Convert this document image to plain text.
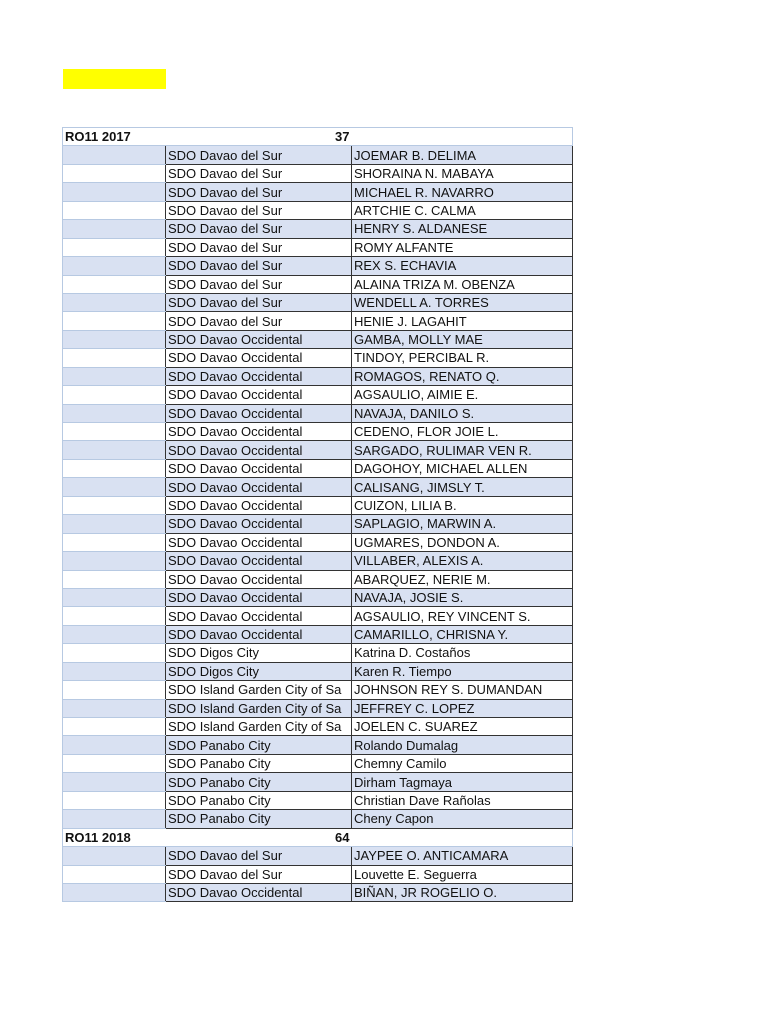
RO11 2017	37	
	SDO Davao del Sur	JOEMAR B. DELIMA
	SDO Davao del Sur	SHORAINA N. MABAYA
	SDO Davao del Sur	MICHAEL R. NAVARRO
	SDO Davao del Sur	ARTCHIE C. CALMA
	SDO Davao del Sur	HENRY S. ALDANESE
	SDO Davao del Sur	ROMY ALFANTE
	SDO Davao del Sur	REX S. ECHAVIA
	SDO Davao del Sur	ALAINA TRIZA M. OBENZA
	SDO Davao del Sur	WENDELL A. TORRES
	SDO Davao del Sur	HENIE J. LAGAHIT
	SDO Davao Occidental	GAMBA, MOLLY MAE
	SDO Davao Occidental	TINDOY, PERCIBAL R.
	SDO Davao Occidental	ROMAGOS, RENATO Q.
	SDO Davao Occidental	AGSAULIO, AIMIE E.
	SDO Davao Occidental	NAVAJA, DANILO S.
	SDO Davao Occidental	CEDENO, FLOR JOIE L.
	SDO Davao Occidental	SARGADO, RULIMAR VEN R.
	SDO Davao Occidental	DAGOHOY, MICHAEL ALLEN
	SDO Davao Occidental	CALISANG, JIMSLY T.
	SDO Davao Occidental	CUIZON, LILIA B.
	SDO Davao Occidental	SAPLAGIO, MARWIN A.
	SDO Davao Occidental	UGMARES, DONDON A.
	SDO Davao Occidental	VILLABER, ALEXIS A.
	SDO Davao Occidental	ABARQUEZ, NERIE M.
	SDO Davao Occidental	NAVAJA, JOSIE S.
	SDO Davao Occidental	AGSAULIO, REY VINCENT S.
	SDO Davao Occidental	CAMARILLO, CHRISNA Y.
	SDO Digos City	Katrina D. Costaños
	SDO Digos City	Karen R. Tiempo
	SDO Island Garden City of Sa	JOHNSON REY S. DUMANDAN
	SDO Island Garden City of Sa	JEFFREY C. LOPEZ
	SDO Island Garden City of Sa	JOELEN C. SUAREZ
	SDO Panabo City	Rolando Dumalag
	SDO Panabo City	Chemny Camilo
	SDO Panabo City	Dirham Tagmaya
	SDO Panabo City	Christian Dave Rañolas
	SDO Panabo City	Cheny Capon
RO11 2018	64	
	SDO Davao del Sur	JAYPEE O. ANTICAMARA
	SDO Davao del Sur	Louvette E. Seguerra
	SDO Davao Occidental	BIÑAN, JR ROGELIO O.
